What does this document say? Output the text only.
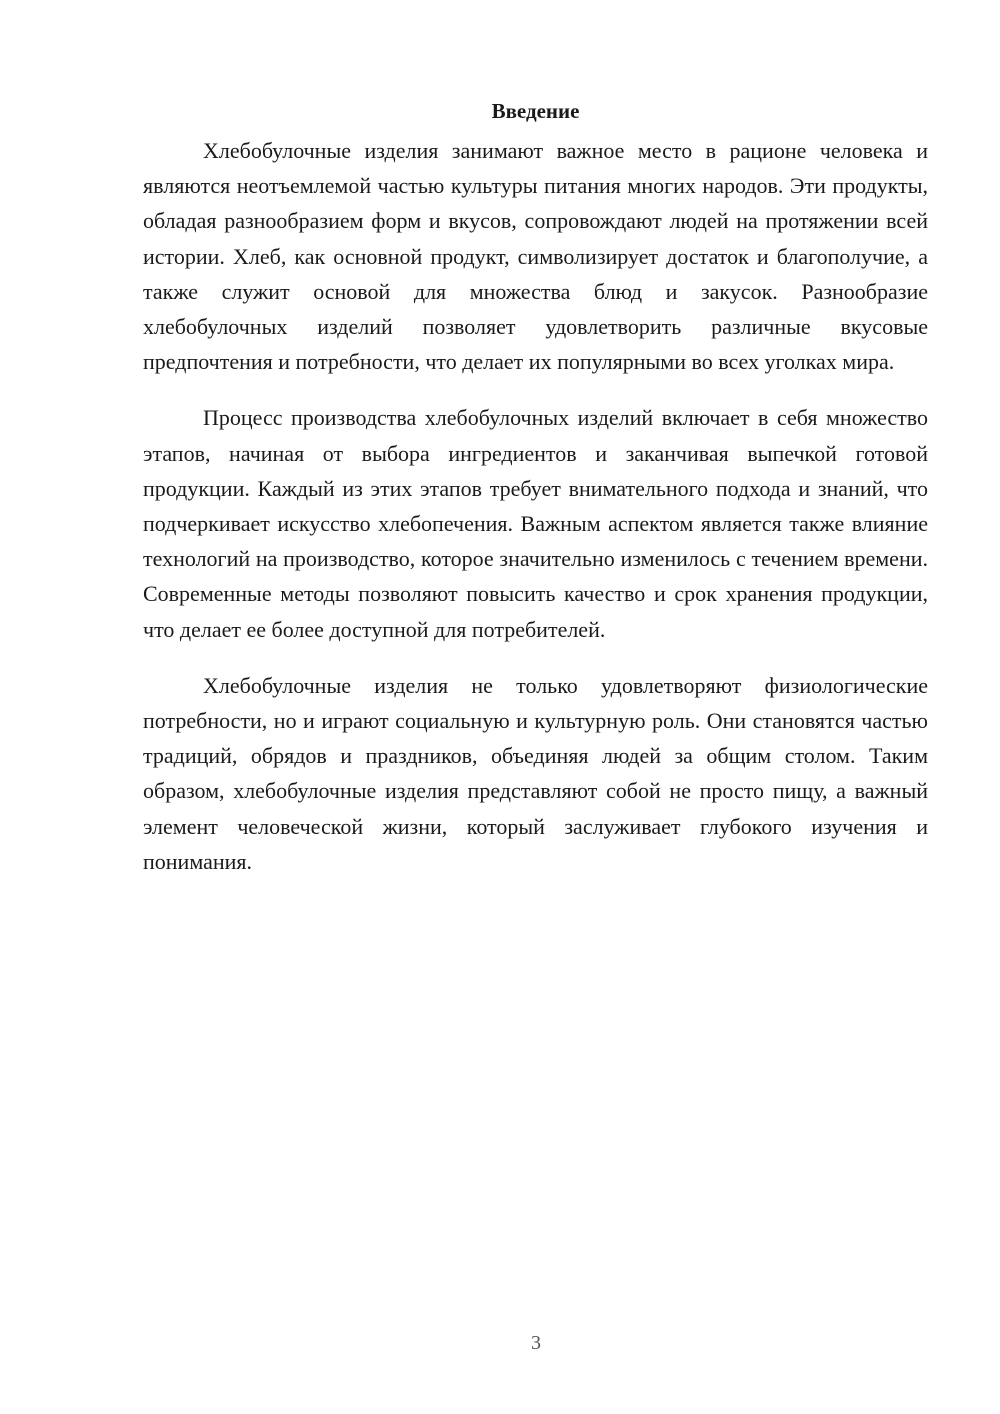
Введение

Хлебобулочные изделия занимают важное место в рационе человека и являются неотъемлемой частью культуры питания многих народов. Эти продукты, обладая разнообразием форм и вкусов, сопровождают людей на протяжении всей истории. Хлеб, как основной продукт, символизирует достаток и благополучие, а также служит основой для множества блюд и закусок. Разнообразие хлебобулочных изделий позволяет удовлетворить различные вкусовые предпочтения и потребности, что делает их популярными во всех уголках мира.

Процесс производства хлебобулочных изделий включает в себя множество этапов, начиная от выбора ингредиентов и заканчивая выпечкой готовой продукции. Каждый из этих этапов требует внимательного подхода и знаний, что подчеркивает искусство хлебопечения. Важным аспектом является также влияние технологий на производство, которое значительно изменилось с течением времени. Современные методы позволяют повысить качество и срок хранения продукции, что делает ее более доступной для потребителей.

Хлебобулочные изделия не только удовлетворяют физиологические потребности, но и играют социальную и культурную роль. Они становятся частью традиций, обрядов и праздников, объединяя людей за общим столом. Таким образом, хлебобулочные изделия представляют собой не просто пищу, а важный элемент человеческой жизни, который заслуживает глубокого изучения и понимания.

3
